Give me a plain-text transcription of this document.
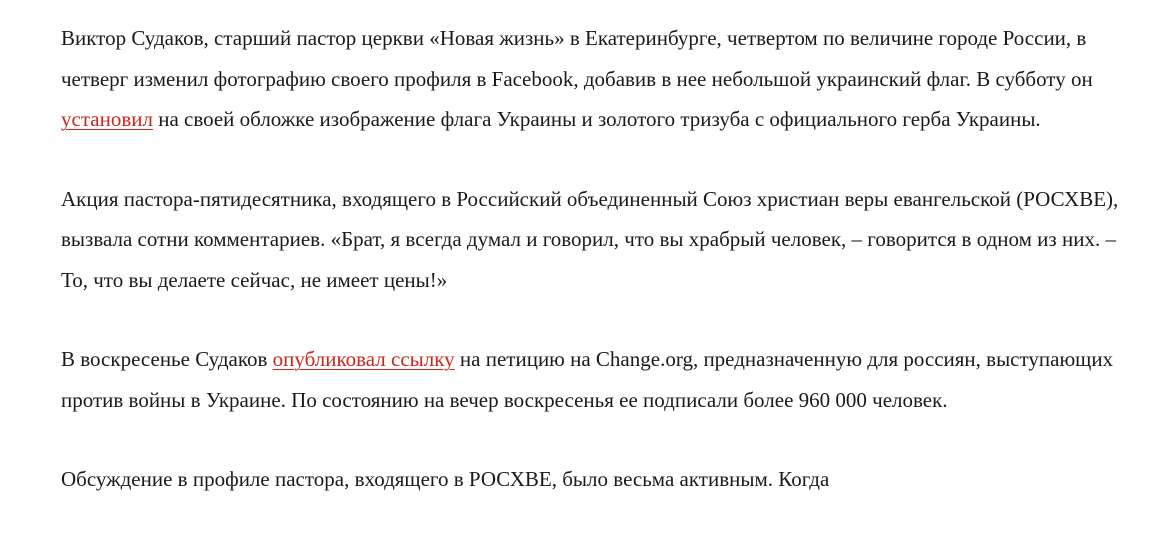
Виктор Судаков, старший пастор церкви «Новая жизнь» в Екатеринбурге, четвертом по величине городе России, в четверг изменил фотографию своего профиля в Facebook, добавив в нее небольшой украинский флаг. В субботу он установил на своей обложке изображение флага Украины и золотого тризуба с официального герба Украины.

Акция пастора-пятидесятника, входящего в Российский объединенный Союз христиан веры евангельской (РОСХВЕ), вызвала сотни комментариев. «Брат, я всегда думал и говорил, что вы храбрый человек, – говорится в одном из них. – То, что вы делаете сейчас, не имеет цены!»

В воскресенье Судаков опубликовал ссылку на петицию на Change.org, предназначенную для россиян, выступающих против войны в Украине. По состоянию на вечер воскресенья ее подписали более 960 000 человек.

Обсуждение в профиле пастора, входящего в РОСХВЕ, было весьма активным. Когда
